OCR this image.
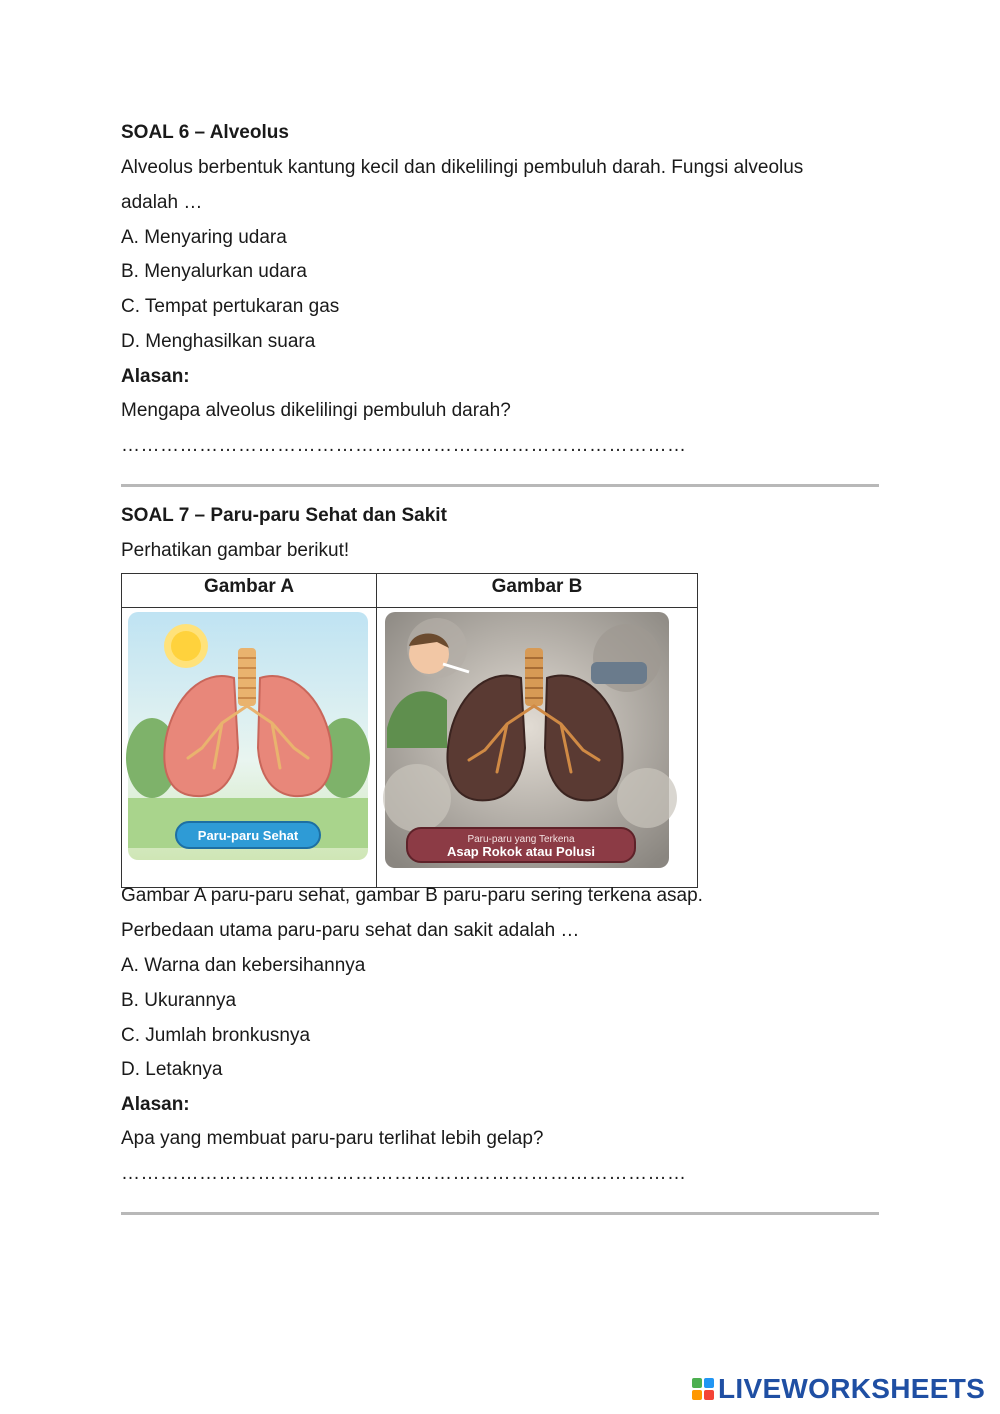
SOAL 6 – Alveolus
Alveolus berbentuk kantung kecil dan dikelilingi pembuluh darah. Fungsi alveolus
adalah …
A. Menyaring udara
B. Menyalurkan udara
C. Tempat pertukaran gas
D. Menghasilkan suara
Alasan:
Mengapa alveolus dikelilingi pembuluh darah?
……………………………………………………………………………
SOAL 7 – Paru-paru Sehat dan Sakit
Perhatikan gambar berikut!
Gambar A	Gambar B

Paru-paru Sehat	Paru-paru yang Terkena
Asap Rokok atau Polusi
Gambar A paru-paru sehat, gambar B paru-paru sering terkena asap.
Perbedaan utama paru-paru sehat dan sakit adalah …
A. Warna dan kebersihannya
B. Ukurannya
C. Jumlah bronkusnya
D. Letaknya
Alasan:
Apa yang membuat paru-paru terlihat lebih gelap?
……………………………………………………………………………
LIVEWORKSHEETS
